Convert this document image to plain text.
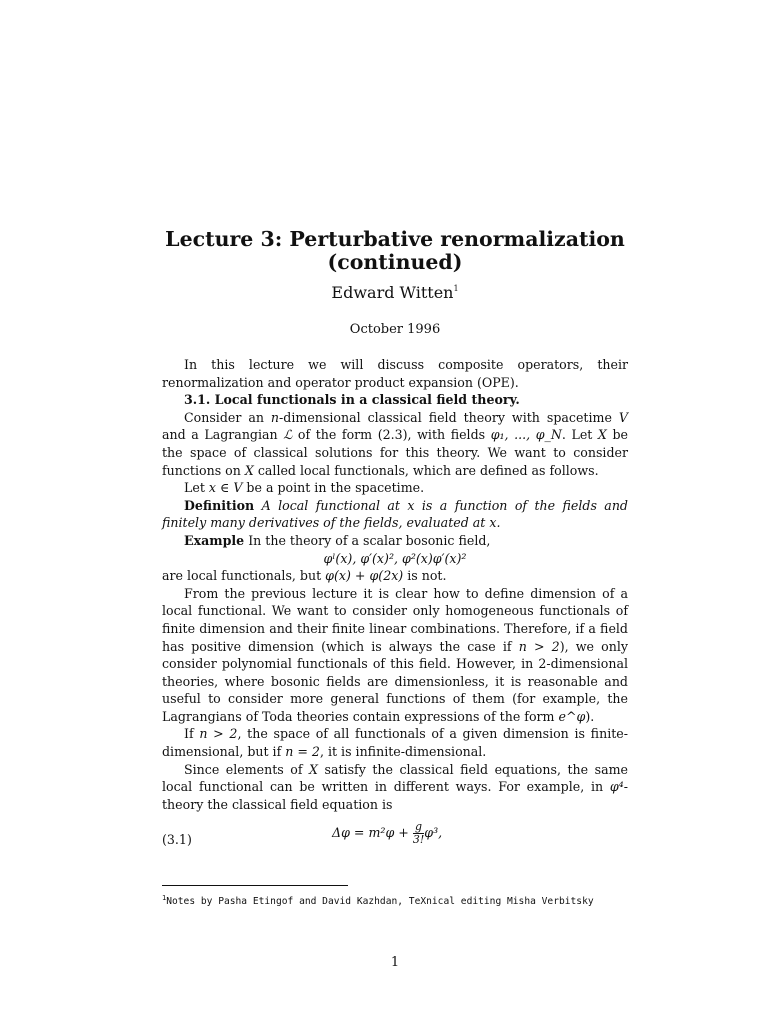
Lecture 3: Perturbative renormalization
(continued)
Edward Witten$^1$
October 1996

In this lecture we will discuss composite operators, their renormalization and operator product expansion (OPE).

3.1. Local functionals in a classical field theory.

Consider an n-dimensional classical field theory with spacetime V and a Lagrangian ℒ of the form (2.3), with fields φ₁, ..., φ_N. Let X be the space of classical solutions for this theory. We want to consider functions on X called local functionals, which are defined as follows.

Let x ∈ V be a point in the spacetime.

Definition A local functional at x is a function of the fields and finitely many derivatives of the fields, evaluated at x.

Example In the theory of a scalar bosonic field,

φˡ(x), φ′(x)², φ²(x)φ′(x)²

are local functionals, but φ(x) + φ(2x) is not.

From the previous lecture it is clear how to define dimension of a local functional. We want to consider only homogeneous functionals of finite dimension and their finite linear combinations. Therefore, if a field has positive dimension (which is always the case if n > 2), we only consider polynomial functionals of this field. However, in 2-dimensional theories, where bosonic fields are dimensionless, it is reasonable and useful to consider more general functions of them (for example, the Lagrangians of Toda theories contain expressions of the form e^φ).

If n > 2, the space of all functionals of a given dimension is finite-dimensional, but if n = 2, it is infinite-dimensional.

Since elements of X satisfy the classical field equations, the same local functional can be written in different ways. For example, in φ⁴-theory the classical field equation is

(3.1)	$\Delta\varphi = m^2\varphi + \frac{g}{3!} \varphi^3$,
$^1$Notes by Pasha Etingof and David Kazhdan, TeXnical editing Misha Verbitsky
1
